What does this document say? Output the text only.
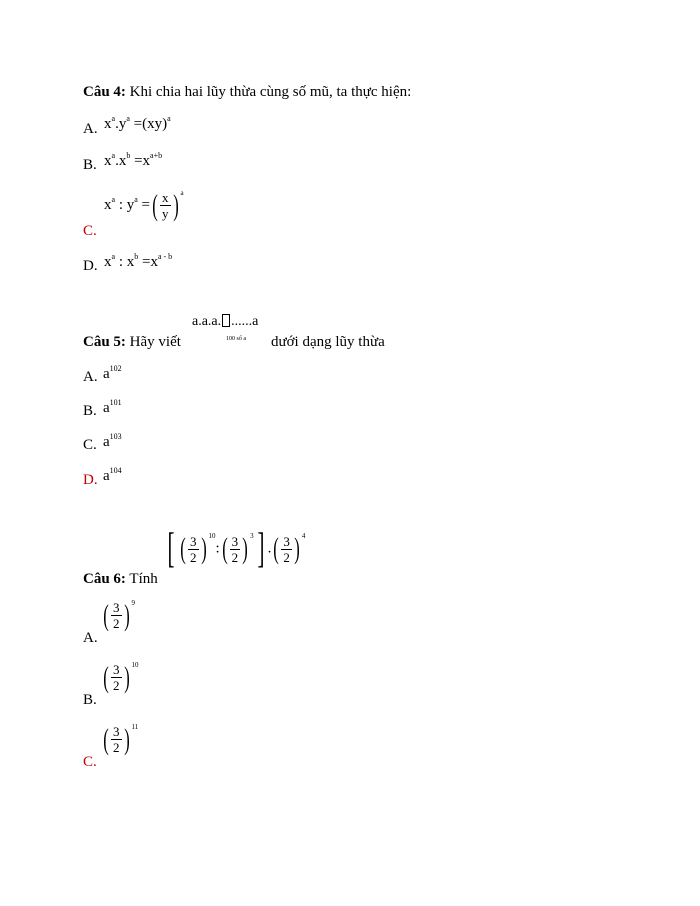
Câu 4: Khi chia hai lũy thừa cùng số mũ, ta thực hiện:
A. $x^a.y^a =(xy)^a$
B. $x^a.x^b =x^{a+b}$
C.
$x^a$ : $y^a$ =( $\frac{x}{y}$ ) $^a$
D. $x^a$ : $x^b =x^{a - b}$
Câu 5: Hãy viết
a.a.a. ......a
100 số a dưới dạng lũy thừa
A. $a^{102}$
B. $a^{101}$
C. $a^{103}$
D. $a^{104}$
Câu 6: Tính
[ ( $\frac{3}{2}$ ) $^{10}$:( $\frac{3}{2}$ ) $^3$] .( $\frac{3}{2}$ ) $^4$
A.
( $\frac{3}{2}$ ) $^9$
B.
( $\frac{3}{2}$ ) $^{10}$
C.
( $\frac{3}{2}$ ) $^{11}$
